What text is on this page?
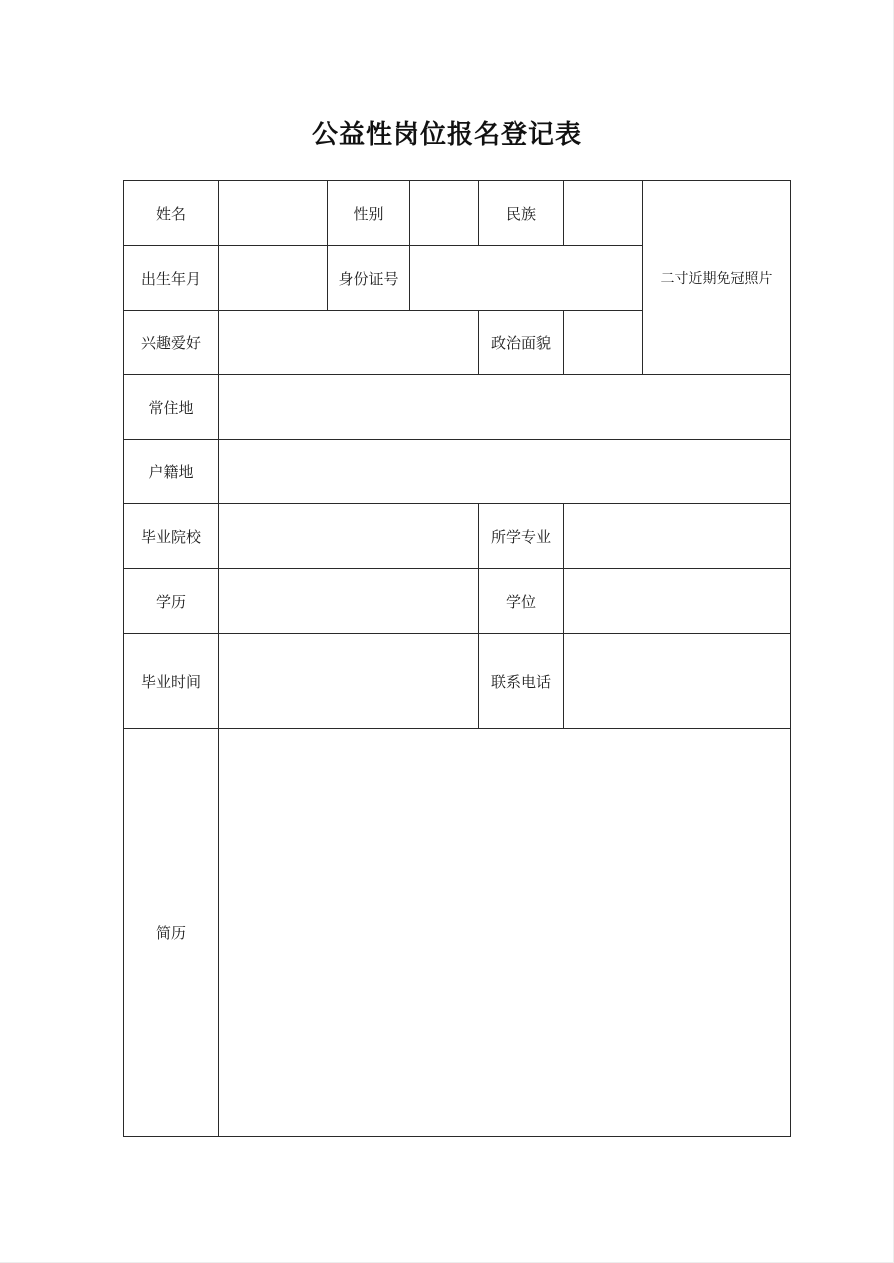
公益性岗位报名登记表
姓名		性别		民族		二寸近期免冠照片
出生年月		身份证号				
兴趣爱好				政治面貌		
常住地						
户籍地						
毕业院校				所学专业		
学历				学位		
毕业时间				联系电话		
简历						
